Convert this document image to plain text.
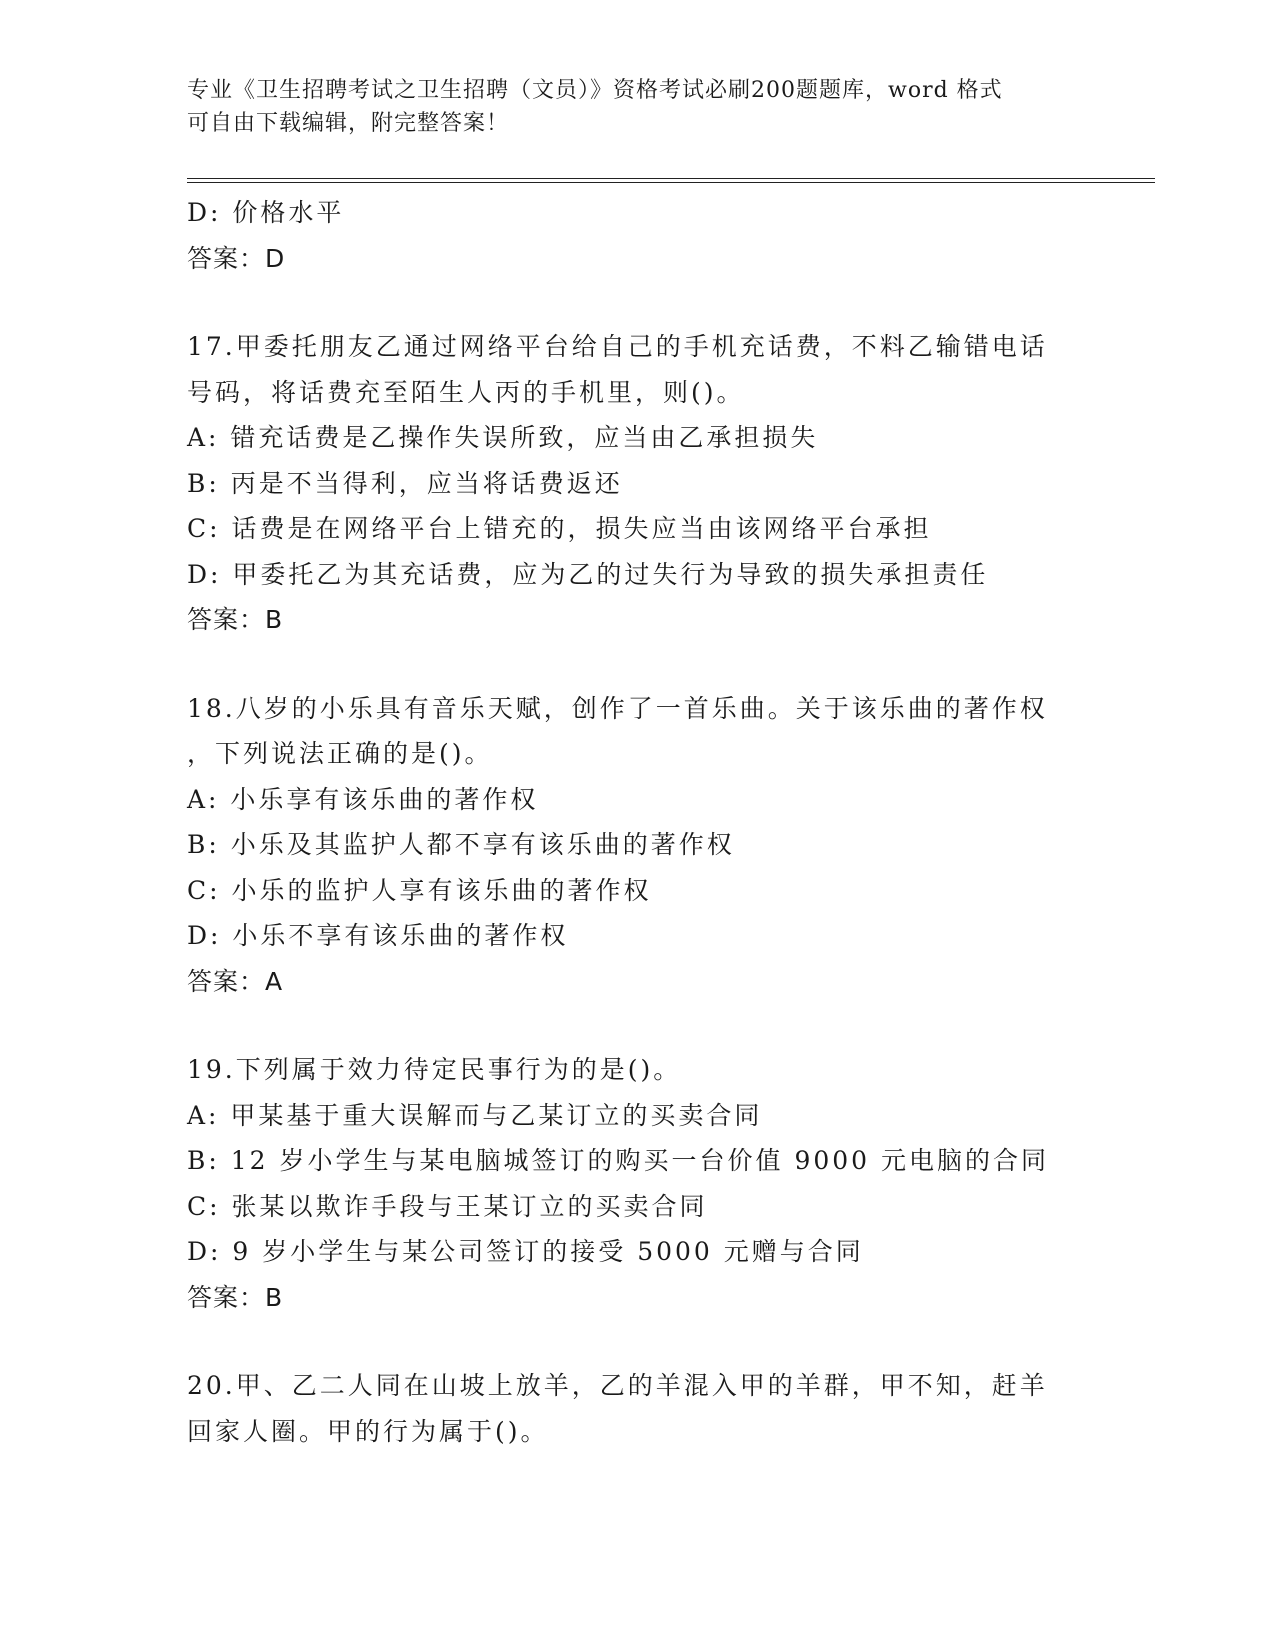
专业《卫生招聘考试之卫生招聘（文员）》资格考试必刷200题题库，word 格式
可自由下载编辑，附完整答案！
D: 价格水平
答案：D
17.甲委托朋友乙通过网络平台给自己的手机充话费，不料乙输错电话
号码，将话费充至陌生人丙的手机里，则()。
A: 错充话费是乙操作失误所致，应当由乙承担损失
B: 丙是不当得利，应当将话费返还
C: 话费是在网络平台上错充的，损失应当由该网络平台承担
D: 甲委托乙为其充话费，应为乙的过失行为导致的损失承担责任
答案：B
18.八岁的小乐具有音乐天赋，创作了一首乐曲。关于该乐曲的著作权
，下列说法正确的是()。
A: 小乐享有该乐曲的著作权
B: 小乐及其监护人都不享有该乐曲的著作权
C: 小乐的监护人享有该乐曲的著作权
D: 小乐不享有该乐曲的著作权
答案：A
19.下列属于效力待定民事行为的是()。
A: 甲某基于重大误解而与乙某订立的买卖合同
B: 12 岁小学生与某电脑城签订的购买一台价值 9000 元电脑的合同
C: 张某以欺诈手段与王某订立的买卖合同
D: 9 岁小学生与某公司签订的接受 5000 元赠与合同
答案：B
20.甲、乙二人同在山坡上放羊，乙的羊混入甲的羊群，甲不知，赶羊
回家人圈。甲的行为属于()。
